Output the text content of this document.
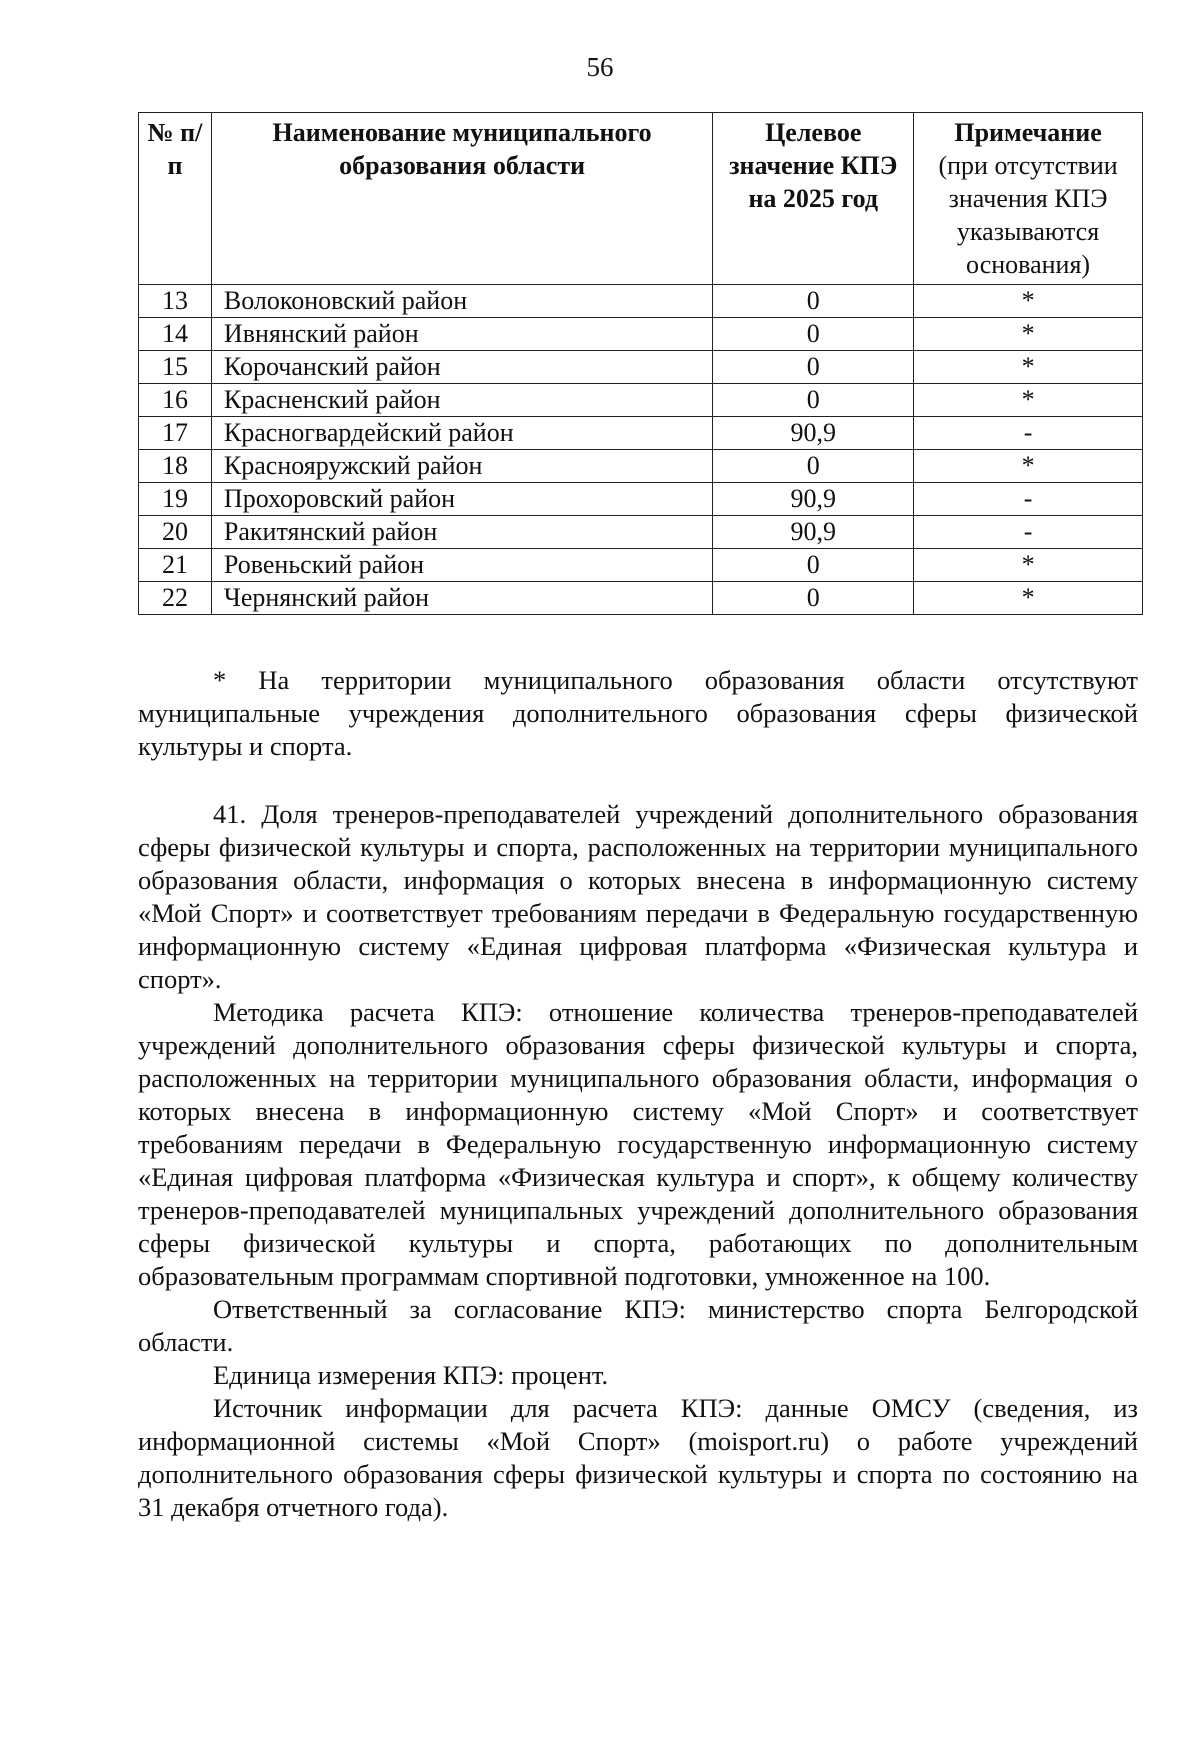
56
№ п/п	Наименование муниципального образования области	Целевое значение КПЭ на 2025 год	Примечание
(при отсутствии значения КПЭ указываются основания)
13	Волоконовский район	0	*
14	Ивнянский район	0	*
15	Корочанский район	0	*
16	Красненский район	0	*
17	Красногвардейский район	90,9	-
18	Краснояружский район	0	*
19	Прохоровский район	90,9	-
20	Ракитянский район	90,9	-
21	Ровеньский район	0	*
22	Чернянский район	0	*

* На территории муниципального образования области отсутствуют муниципальные учреждения дополнительного образования сферы физической культуры и спорта.

41. Доля тренеров-преподавателей учреждений дополнительного образования сферы физической культуры и спорта, расположенных на территории муниципального образования области, информация о которых внесена в информационную систему «Мой Спорт» и соответствует требованиям передачи в Федеральную государственную информационную систему «Единая цифровая платформа «Физическая культура и спорт».

Методика расчета КПЭ: отношение количества тренеров-преподавателей учреждений дополнительного образования сферы физической культуры и спорта, расположенных на территории муниципального образования области, информация о которых внесена в информационную систему «Мой Спорт» и соответствует требованиям передачи в Федеральную государственную информационную систему «Единая цифровая платформа «Физическая культура и спорт», к общему количеству тренеров-преподавателей муниципальных учреждений дополнительного образования сферы физической культуры и спорта, работающих по дополнительным образовательным программам спортивной подготовки, умноженное на 100.

Ответственный за согласование КПЭ: министерство спорта Белгородской области.

Единица измерения КПЭ: процент.

Источник информации для расчета КПЭ: данные ОМСУ (сведения, из информационной системы «Мой Спорт» (moisport.ru) о работе учреждений дополнительного образования сферы физической культуры и спорта по состоянию на 31 декабря отчетного года).
